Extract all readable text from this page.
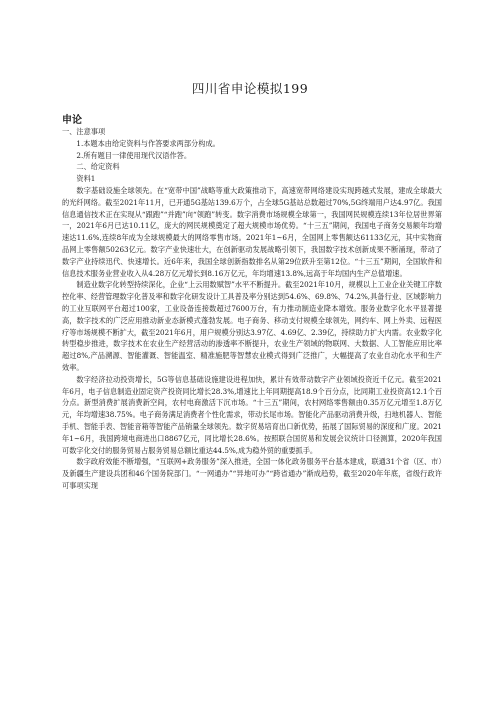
四川省申论模拟199
申论

一、注意事项

1.本题本由给定资料与作答要求两部分构成。

2.所有题目一律使用现代汉语作答。

二、给定资料

资料1

数字基础设施全球领先。在“宽带中国”战略等重大政策推动下，高速宽带网络建设实现跨越式发展，建成全球最大的光纤网络。截至2021年11月，已开通5G基站139.6万个，占全球5G基站总数超过70%,5G终端用户达4.97亿。我国信息通信技术正在实现从“跟跑”“并跑”向“领跑”转变。数字消费市场规模全球第一，我国网民规模连续13年位居世界第一，2021年6月已达10.11亿，庞大的网民规模奠定了超大规模市场优势。“十三五”期间，我国电子商务交易额年均增速达11.6%,连续8年成为全球规模最大的网络零售市场。2021年1~6月，全国网上零售额达61133亿元，其中实物商品网上零售额50263亿元。数字产业快速壮大，在创新驱动发展战略引领下，我国数字技术创新成果不断涌现，带动了数字产业持续迅代、快速增长。近6年来，我国全球创新指数排名从第29位跃升至第12位。“十三五”期间，全国软件和信息技术服务业营业收入从4.28万亿元增长到8.16万亿元，年均增速13.8%,远高于年均国内生产总值增速。

制造业数字化转型持续深化，企业“上云用数赋智”水平不断提升。截至2021年10月，规模以上工业企业关键工序数控化率、经营管理数字化普及率和数字化研发设计工具普及率分别达到54.6%、69.8%、74.2%,具备行业、区域影响力的工业互联网平台超过100家，工业设备连接数超过7600万台，有力推动制造业降本增效。服务业数字化水平显著提高，数字技术的广泛应用推动新业态新模式蓬勃发展。电子商务、移动支付规模全球领先，网约车、网上外卖、远程医疗等市场规模不断扩大，截至2021年6月，用户规模分别达3.97亿、4.69亿、2.39亿，持续助力扩大内需。农业数字化转型稳步推进，数字技术在农业生产经营活动的渗透率不断提升，农业生产领域的物联网、大数据、人工智能应用比率超过8%,产品溯源、智能灌溉、智能温室、精准施肥等智慧农业模式得到广泛推广，大幅提高了农业自动化水平和生产效率。

数字经济拉动投资增长，5G等信息基础设施建设进程加快，累计有效带动数字产业领域投资近千亿元。截至2021年6月，电子信息制造业固定资产投资同比增长28.3%,增速比上年同期提高18.9个百分点，比同期工业投资高12.1个百分点。新型消费扩展消费新空间，农村电商激活下沉市场。“十三五”期间，农村网络零售额由0.35万亿元增至1.8万亿元，年均增速38.75%。电子商务满足消费者个性化需求，带动长尾市场。智能化产品驱动消费升级，扫地机器人、智能手机、智能手表、智能音箱等智能产品销量全球领先。数字贸易培育出口新优势，拓展了国际贸易的深度和广度。2021年1~6月，我国跨境电商进出口8867亿元，同比增长28.6%。按照联合国贸易和发展会议统计口径测算，2020年我国可数字化交付的服务贸易占服务贸易总额比重达44.5%,成为稳外贸的重要抓手。

数字政府效能不断增强，“互联网+政务服务”深入推进，全国一体化政务服务平台基本建成，联通31个省（区、市）及新疆生产建设兵团和46个国务院部门。“一网通办”“异地可办”“跨省通办”渐成趋势，截至2020年年底，省级行政许可事项实现
